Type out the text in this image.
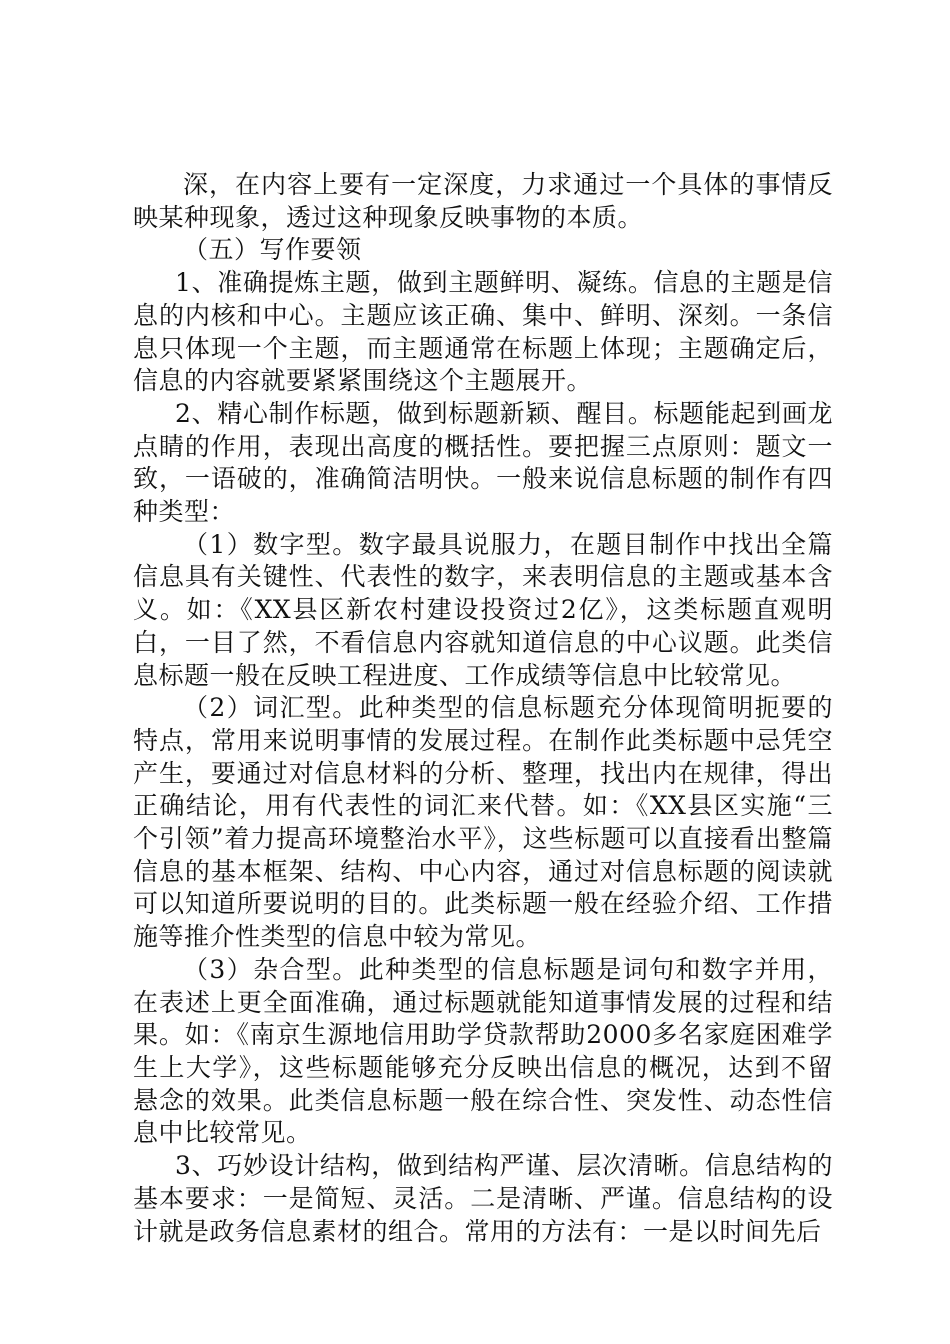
深，在内容上要有一定深度，力求通过一个具体的事情反映某种现象，透过这种现象反映事物的本质。

（五）写作要领

1、准确提炼主题，做到主题鲜明、凝练。信息的主题是信息的内核和中心。主题应该正确、集中、鲜明、深刻。一条信息只体现一个主题，而主题通常在标题上体现；主题确定后，信息的内容就要紧紧围绕这个主题展开。

2、精心制作标题，做到标题新颖、醒目。标题能起到画龙点睛的作用，表现出高度的概括性。要把握三点原则：题文一致，一语破的，准确简洁明快。一般来说信息标题的制作有四种类型：

（1）数字型。数字最具说服力，在题目制作中找出全篇信息具有关键性、代表性的数字，来表明信息的主题或基本含义。如：《XX县区新农村建设投资过2亿》，这类标题直观明白，一目了然，不看信息内容就知道信息的中心议题。此类信息标题一般在反映工程进度、工作成绩等信息中比较常见。

（2）词汇型。此种类型的信息标题充分体现简明扼要的特点，常用来说明事情的发展过程。在制作此类标题中忌凭空产生，要通过对信息材料的分析、整理，找出内在规律，得出正确结论，用有代表性的词汇来代替。如：《XX县区实施“三个引领”着力提高环境整治水平》，这些标题可以直接看出整篇信息的基本框架、结构、中心内容，通过对信息标题的阅读就可以知道所要说明的目的。此类标题一般在经验介绍、工作措施等推介性类型的信息中较为常见。

（3）杂合型。此种类型的信息标题是词句和数字并用，在表述上更全面准确，通过标题就能知道事情发展的过程和结果。如：《南京生源地信用助学贷款帮助2000多名家庭困难学生上大学》，这些标题能够充分反映出信息的概况，达到不留悬念的效果。此类信息标题一般在综合性、突发性、动态性信息中比较常见。

3、巧妙设计结构，做到结构严谨、层次清晰。信息结构的基本要求：一是简短、灵活。二是清晰、严谨。信息结构的设计就是政务信息素材的组合。常用的方法有：一是以时间先后
